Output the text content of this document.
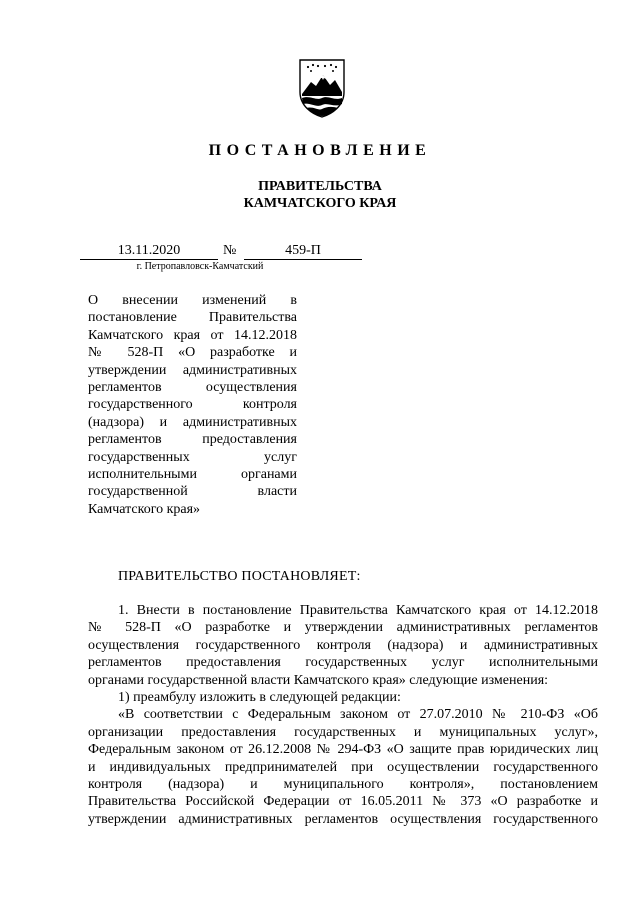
ПОСТАНОВЛЕНИЕ
ПРАВИТЕЛЬСТВА
КАМЧАТСКОГО КРАЯ
13.11.2020	№	459-П
г. Петропавловск-Камчатский
О внесении изменений в
постановление Правительства
Камчатского края от 14.12.2018
№ 528-П «О разработке и
утверждении административных
регламентов осуществления
государственного контроля
(надзора) и административных
регламентов предоставления
государственных услуг
исполнительными органами
государственной власти
Камчатского края»
ПРАВИТЕЛЬСТВО ПОСТАНОВЛЯЕТ:
1. Внести в постановление Правительства Камчатского края от 14.12.2018
№ 528-П «О разработке и утверждении административных регламентов
осуществления государственного контроля (надзора) и административных
регламентов предоставления государственных услуг исполнительными
органами государственной власти Камчатского края» следующие изменения:
1) преамбулу изложить в следующей редакции:
«В соответствии с Федеральным законом от 27.07.2010 № 210-ФЗ «Об
организации предоставления государственных и муниципальных услуг»,
Федеральным законом от 26.12.2008 № 294-ФЗ «О защите прав юридических лиц
и индивидуальных предпринимателей при осуществлении государственного
контроля (надзора) и муниципального контроля», постановлением
Правительства Российской Федерации от 16.05.2011 № 373 «О разработке и
утверждении административных регламентов осуществления государственного
